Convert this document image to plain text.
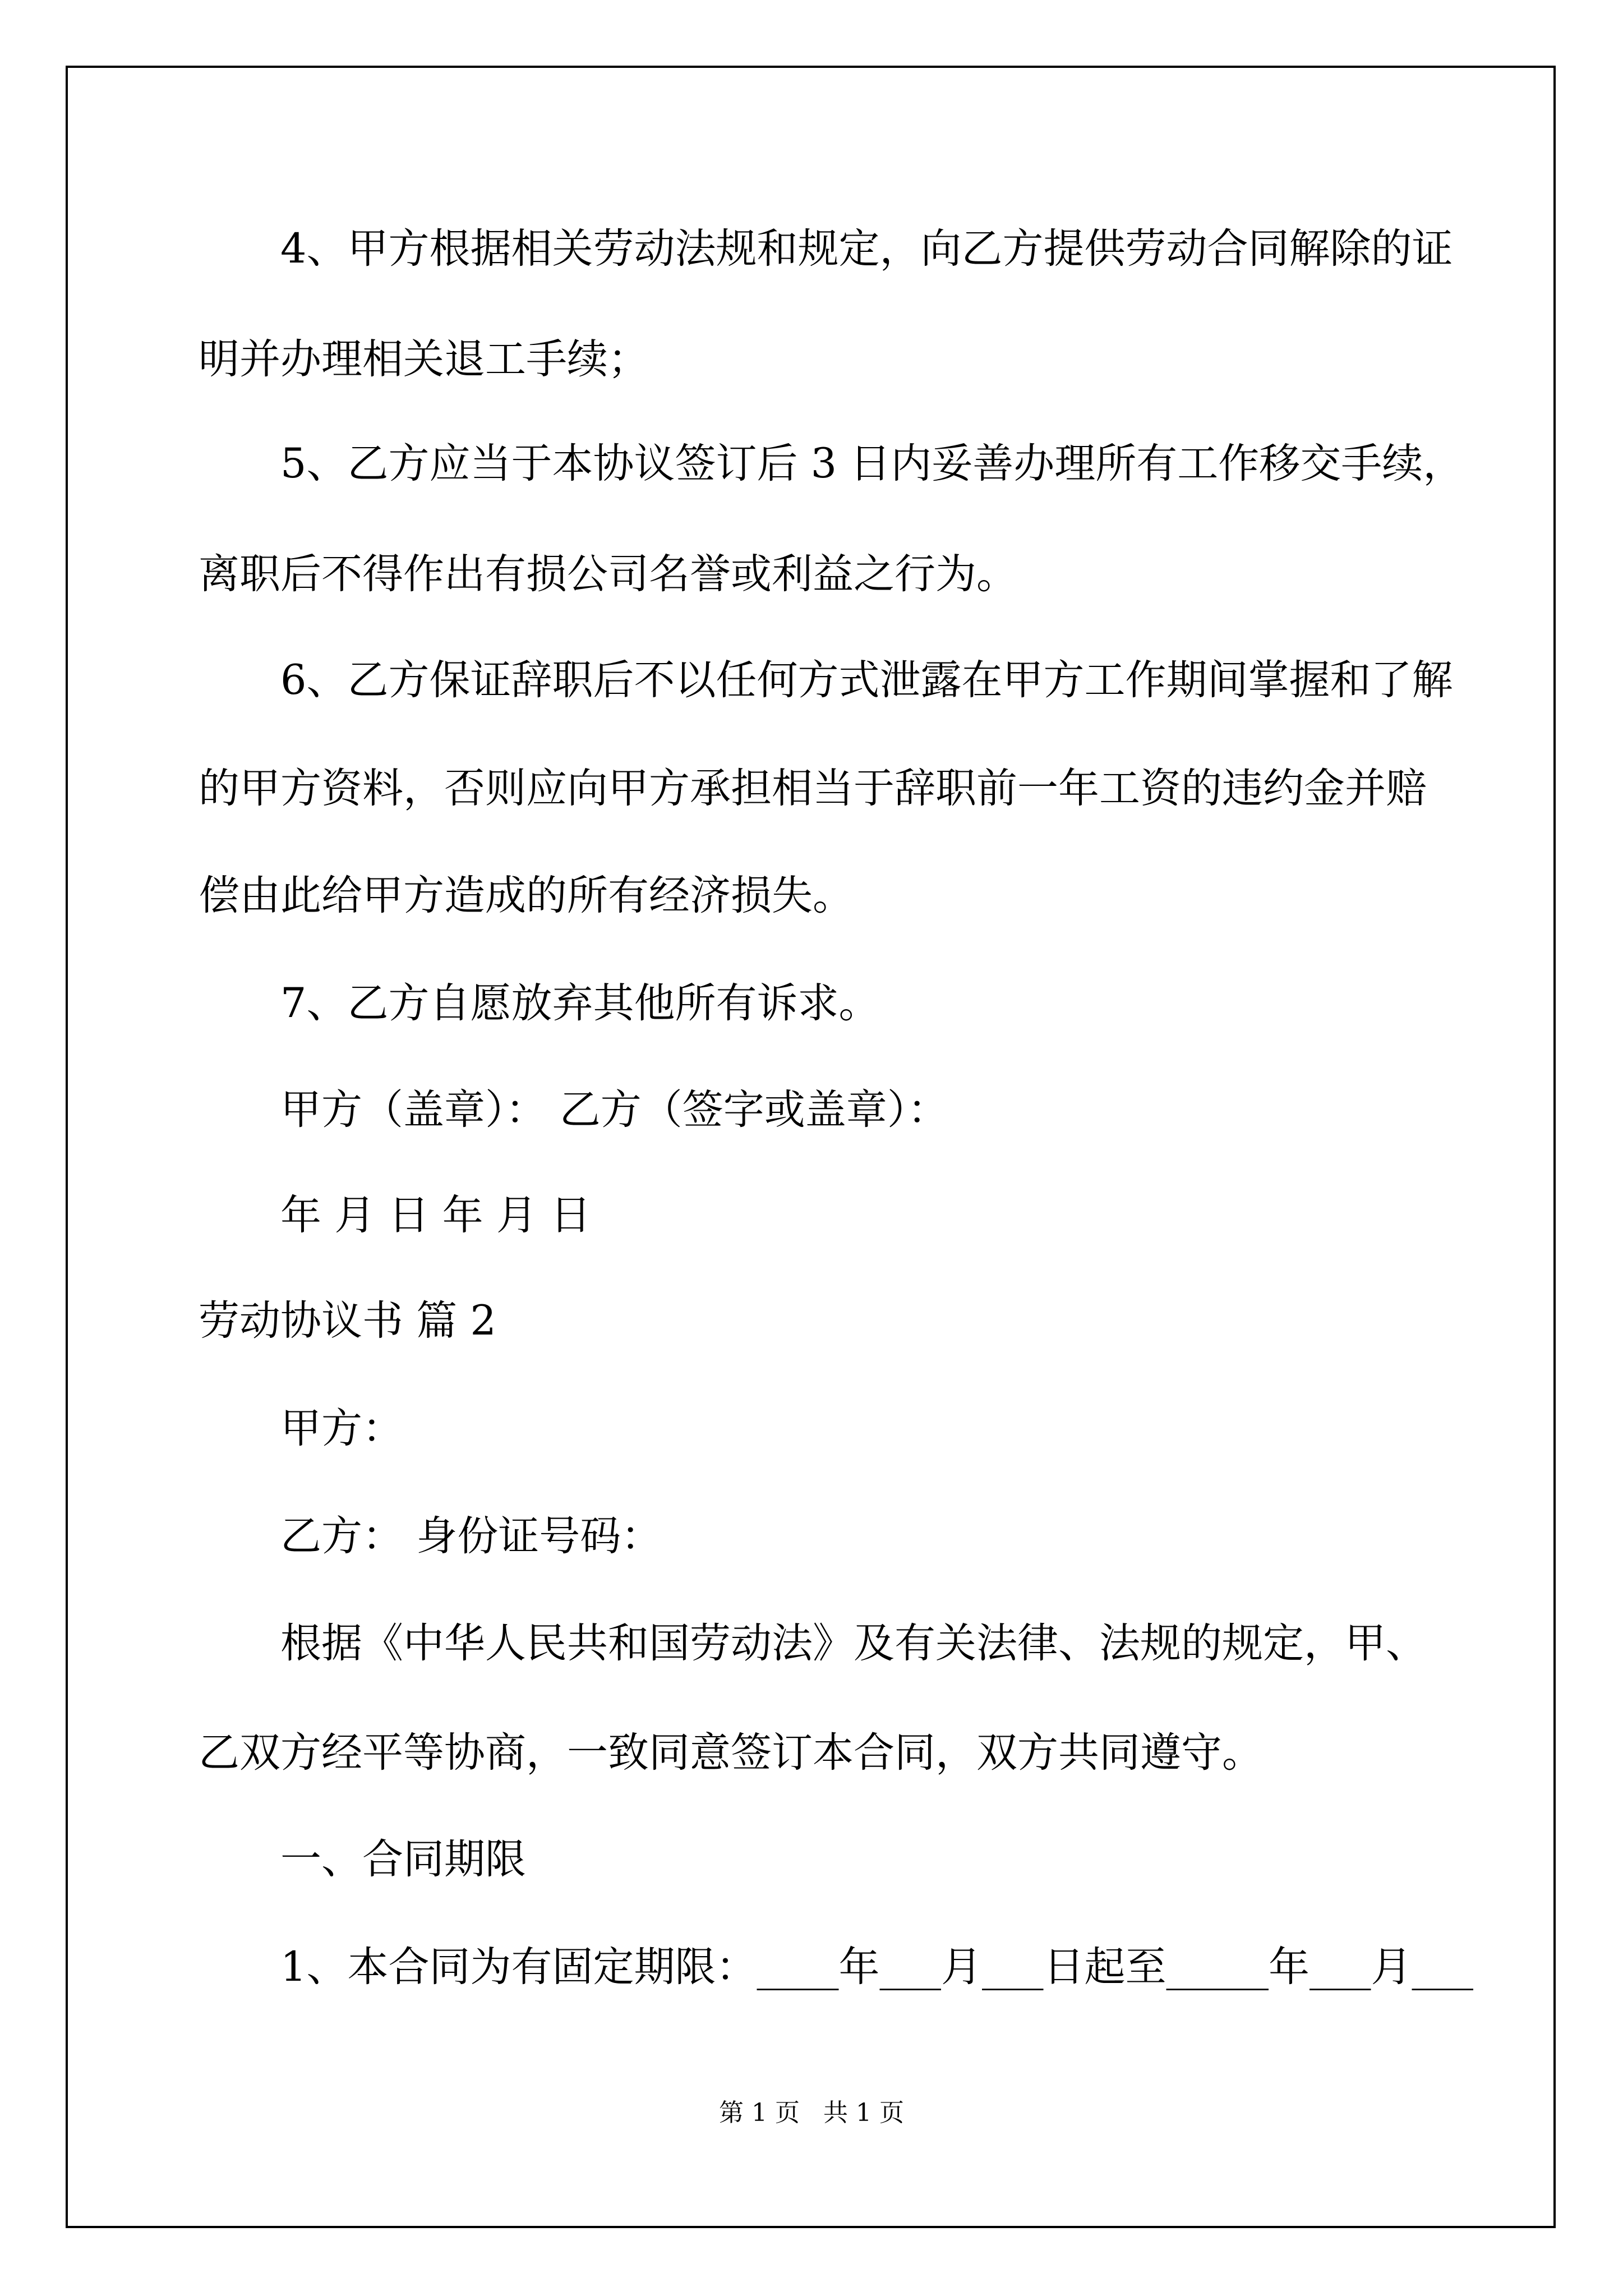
4、甲方根据相关劳动法规和规定，向乙方提供劳动合同解除的证
明并办理相关退工手续；
5、乙方应当于本协议签订后 3 日内妥善办理所有工作移交手续，
离职后不得作出有损公司名誉或利益之行为。
6、乙方保证辞职后不以任何方式泄露在甲方工作期间掌握和了解
的甲方资料，否则应向甲方承担相当于辞职前一年工资的违约金并赔
偿由此给甲方造成的所有经济损失。
7、乙方自愿放弃其他所有诉求。
甲方（盖章）： 乙方（签字或盖章）：
年 月 日 年 月 日
劳动协议书 篇 2
甲方：
乙方： 身份证号码：
根据《中华人民共和国劳动法》及有关法律、法规的规定，甲、
乙双方经平等协商，一致同意签订本合同，双方共同遵守。
一、合同期限
1、本合同为有固定期限：____年___月___日起至_____年___月___
第 1 页   共 1 页
